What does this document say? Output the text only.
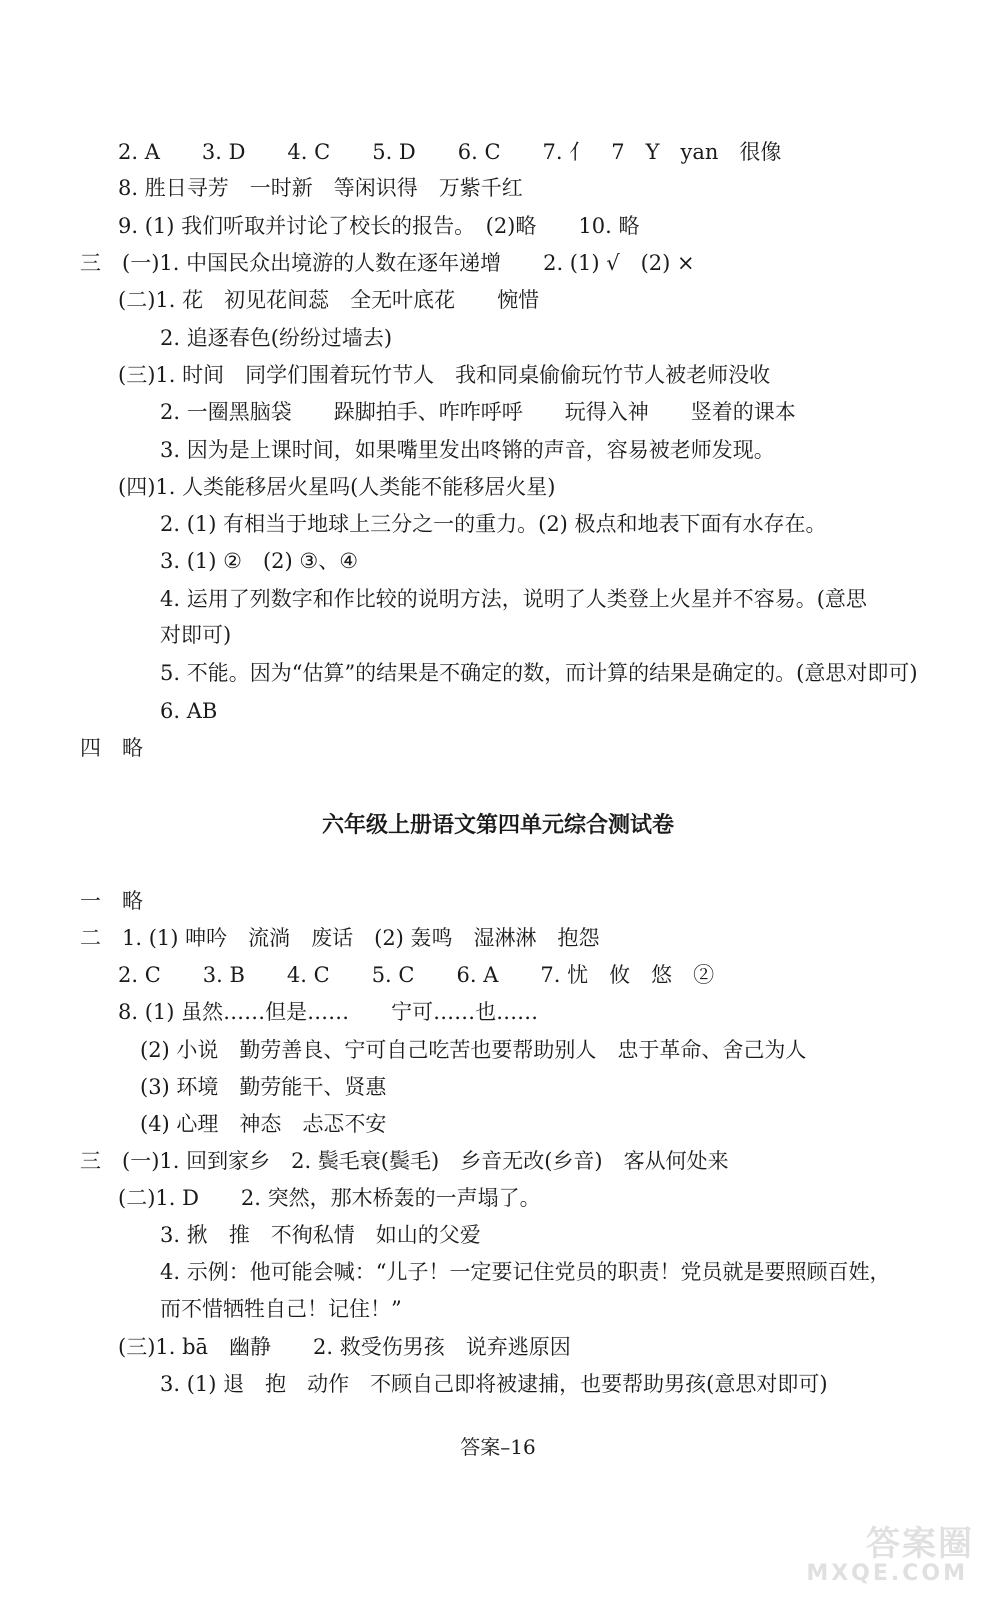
2. A　　3. D　　4. C　　5. D　　6. C　　7. 亻　7　Y　yan　很像
8. 胜日寻芳　一时新　等闲识得　万紫千红
9. (1) 我们听取并讨论了校长的报告。　(2)略　　10. 略
三　(一)1. 中国民众出境游的人数在逐年递增　　2. (1) √　(2) ×
(二)1. 花　初见花间蕊　全无叶底花　　惋惜
2. 追逐春色(纷纷过墙去)
(三)1. 时间　同学们围着玩竹节人　我和同桌偷偷玩竹节人被老师没收
2. 一圈黑脑袋　　跺脚拍手、咋咋呼呼　　玩得入神　　竖着的课本
3. 因为是上课时间，如果嘴里发出咚锵的声音，容易被老师发现。
(四)1. 人类能移居火星吗(人类能不能移居火星)
2. (1) 有相当于地球上三分之一的重力。(2) 极点和地表下面有水存在。
3. (1) ②　(2) ③、④
4. 运用了列数字和作比较的说明方法，说明了人类登上火星并不容易。(意思
对即可)
5. 不能。因为“估算”的结果是不确定的数，而计算的结果是确定的。(意思对即可)
6. AB
四　略
六年级上册语文第四单元综合测试卷
一　略
二　1. (1) 呻吟　流淌　废话　(2) 轰鸣　湿淋淋　抱怨
2. C　　3. B　　4. C　　5. C　　6. A　　7. 忧　攸　悠　②
8. (1) 虽然……但是……　　宁可……也……
(2) 小说　勤劳善良、宁可自己吃苦也要帮助别人　忠于革命、舍己为人
(3) 环境　勤劳能干、贤惠
(4) 心理　神态　忐忑不安
三　(一)1. 回到家乡　2. 鬓毛衰(鬓毛)　乡音无改(乡音)　客从何处来
(二)1. D　　2. 突然，那木桥轰的一声塌了。
3. 揪　推　不徇私情　如山的父爱
4. 示例：他可能会喊：“儿子！一定要记住党员的职责！党员就是要照顾百姓，
而不惜牺牲自己！记住！”
(三)1. bā　幽静　　2. 救受伤男孩　说弃逃原因
3. (1) 退　抱　动作　不顾自己即将被逮捕，也要帮助男孩(意思对即可)
答案–16
答案圈
MXQE.COM
